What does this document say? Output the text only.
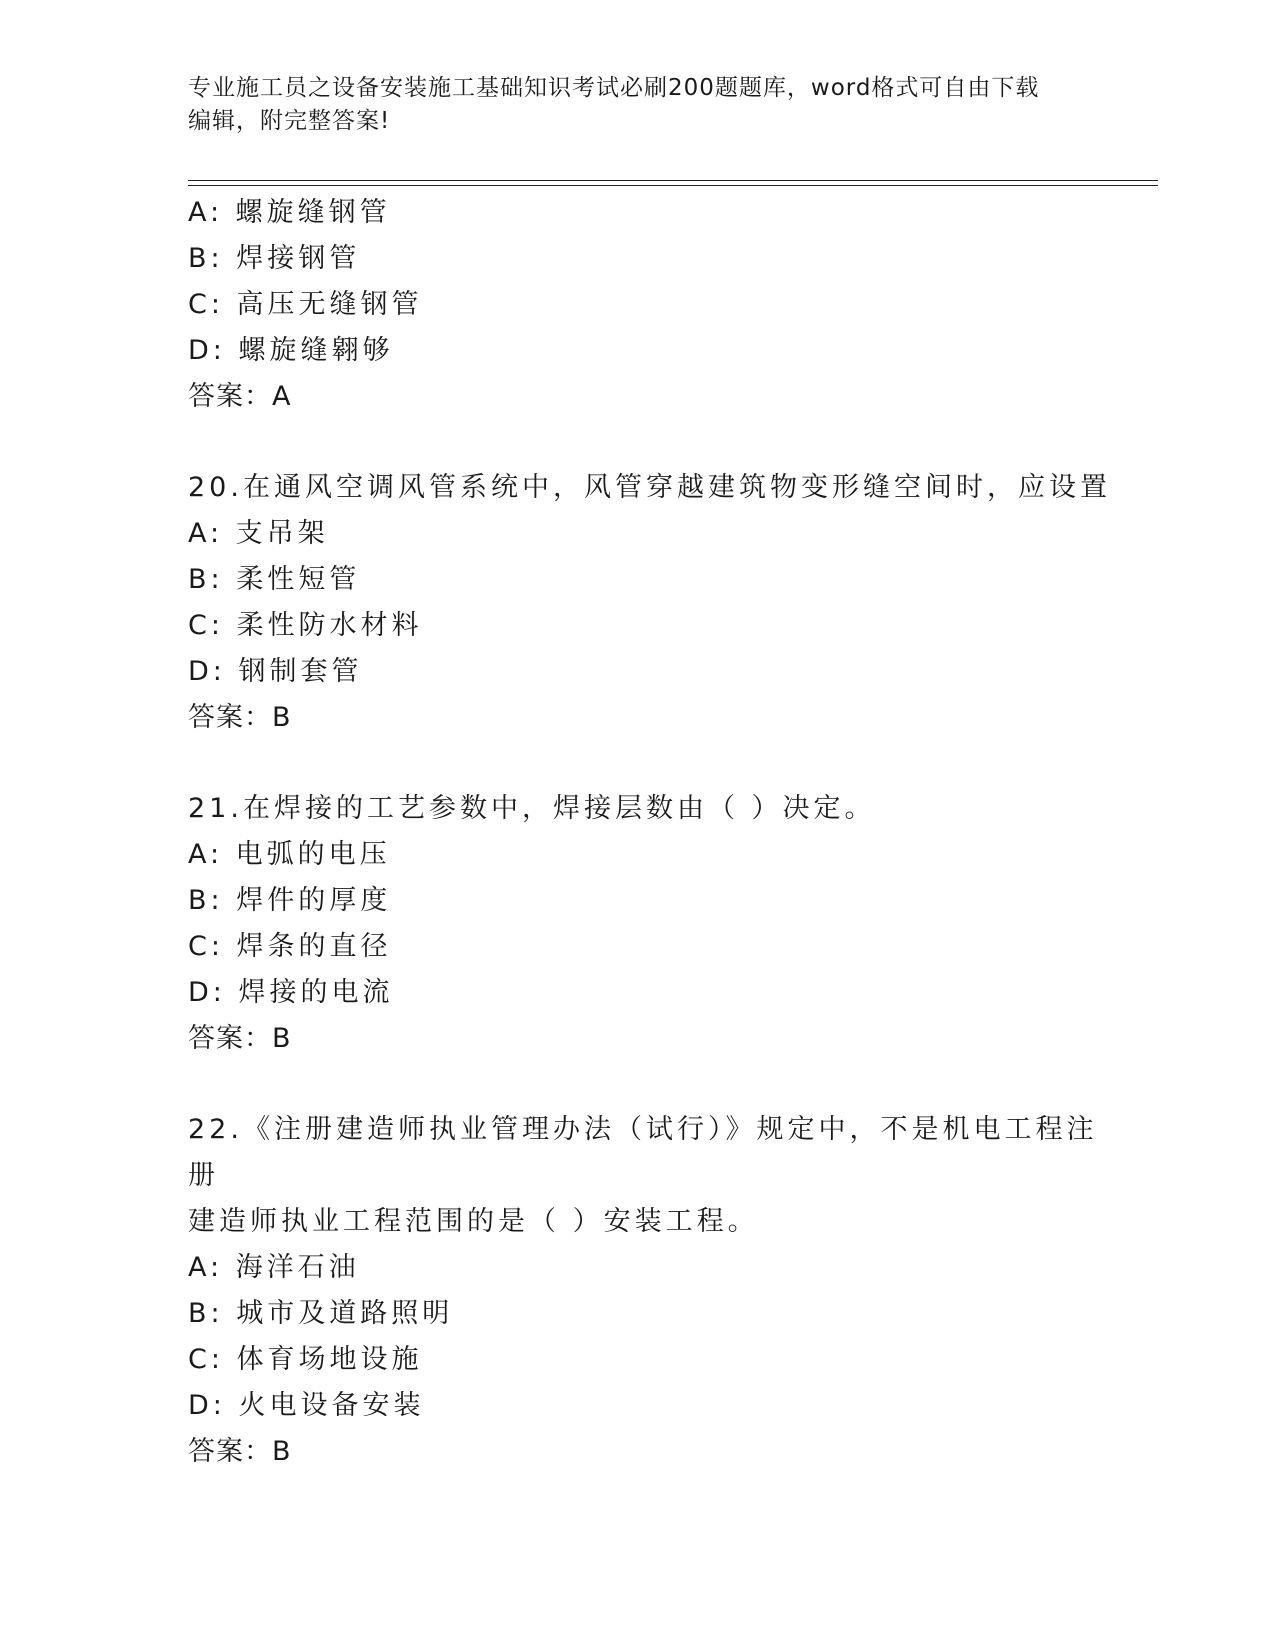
专业施工员之设备安装施工基础知识考试必刷200题题库，word格式可自由下载
编辑，附完整答案!
A: 螺旋缝钢管
B: 焊接钢管
C: 高压无缝钢管
D: 螺旋缝翱够
答案：A
20.在通风空调风管系统中，风管穿越建筑物变形缝空间时，应设置
A: 支吊架
B: 柔性短管
C: 柔性防水材料
D: 钢制套管
答案：B
21.在焊接的工艺参数中，焊接层数由（ ）决定。
A: 电弧的电压
B: 焊件的厚度
C: 焊条的直径
D: 焊接的电流
答案：B
22.《注册建造师执业管理办法（试行）》规定中，不是机电工程注册
建造师执业工程范围的是（ ）安装工程。
A: 海洋石油
B: 城市及道路照明
C: 体育场地设施
D: 火电设备安装
答案：B
